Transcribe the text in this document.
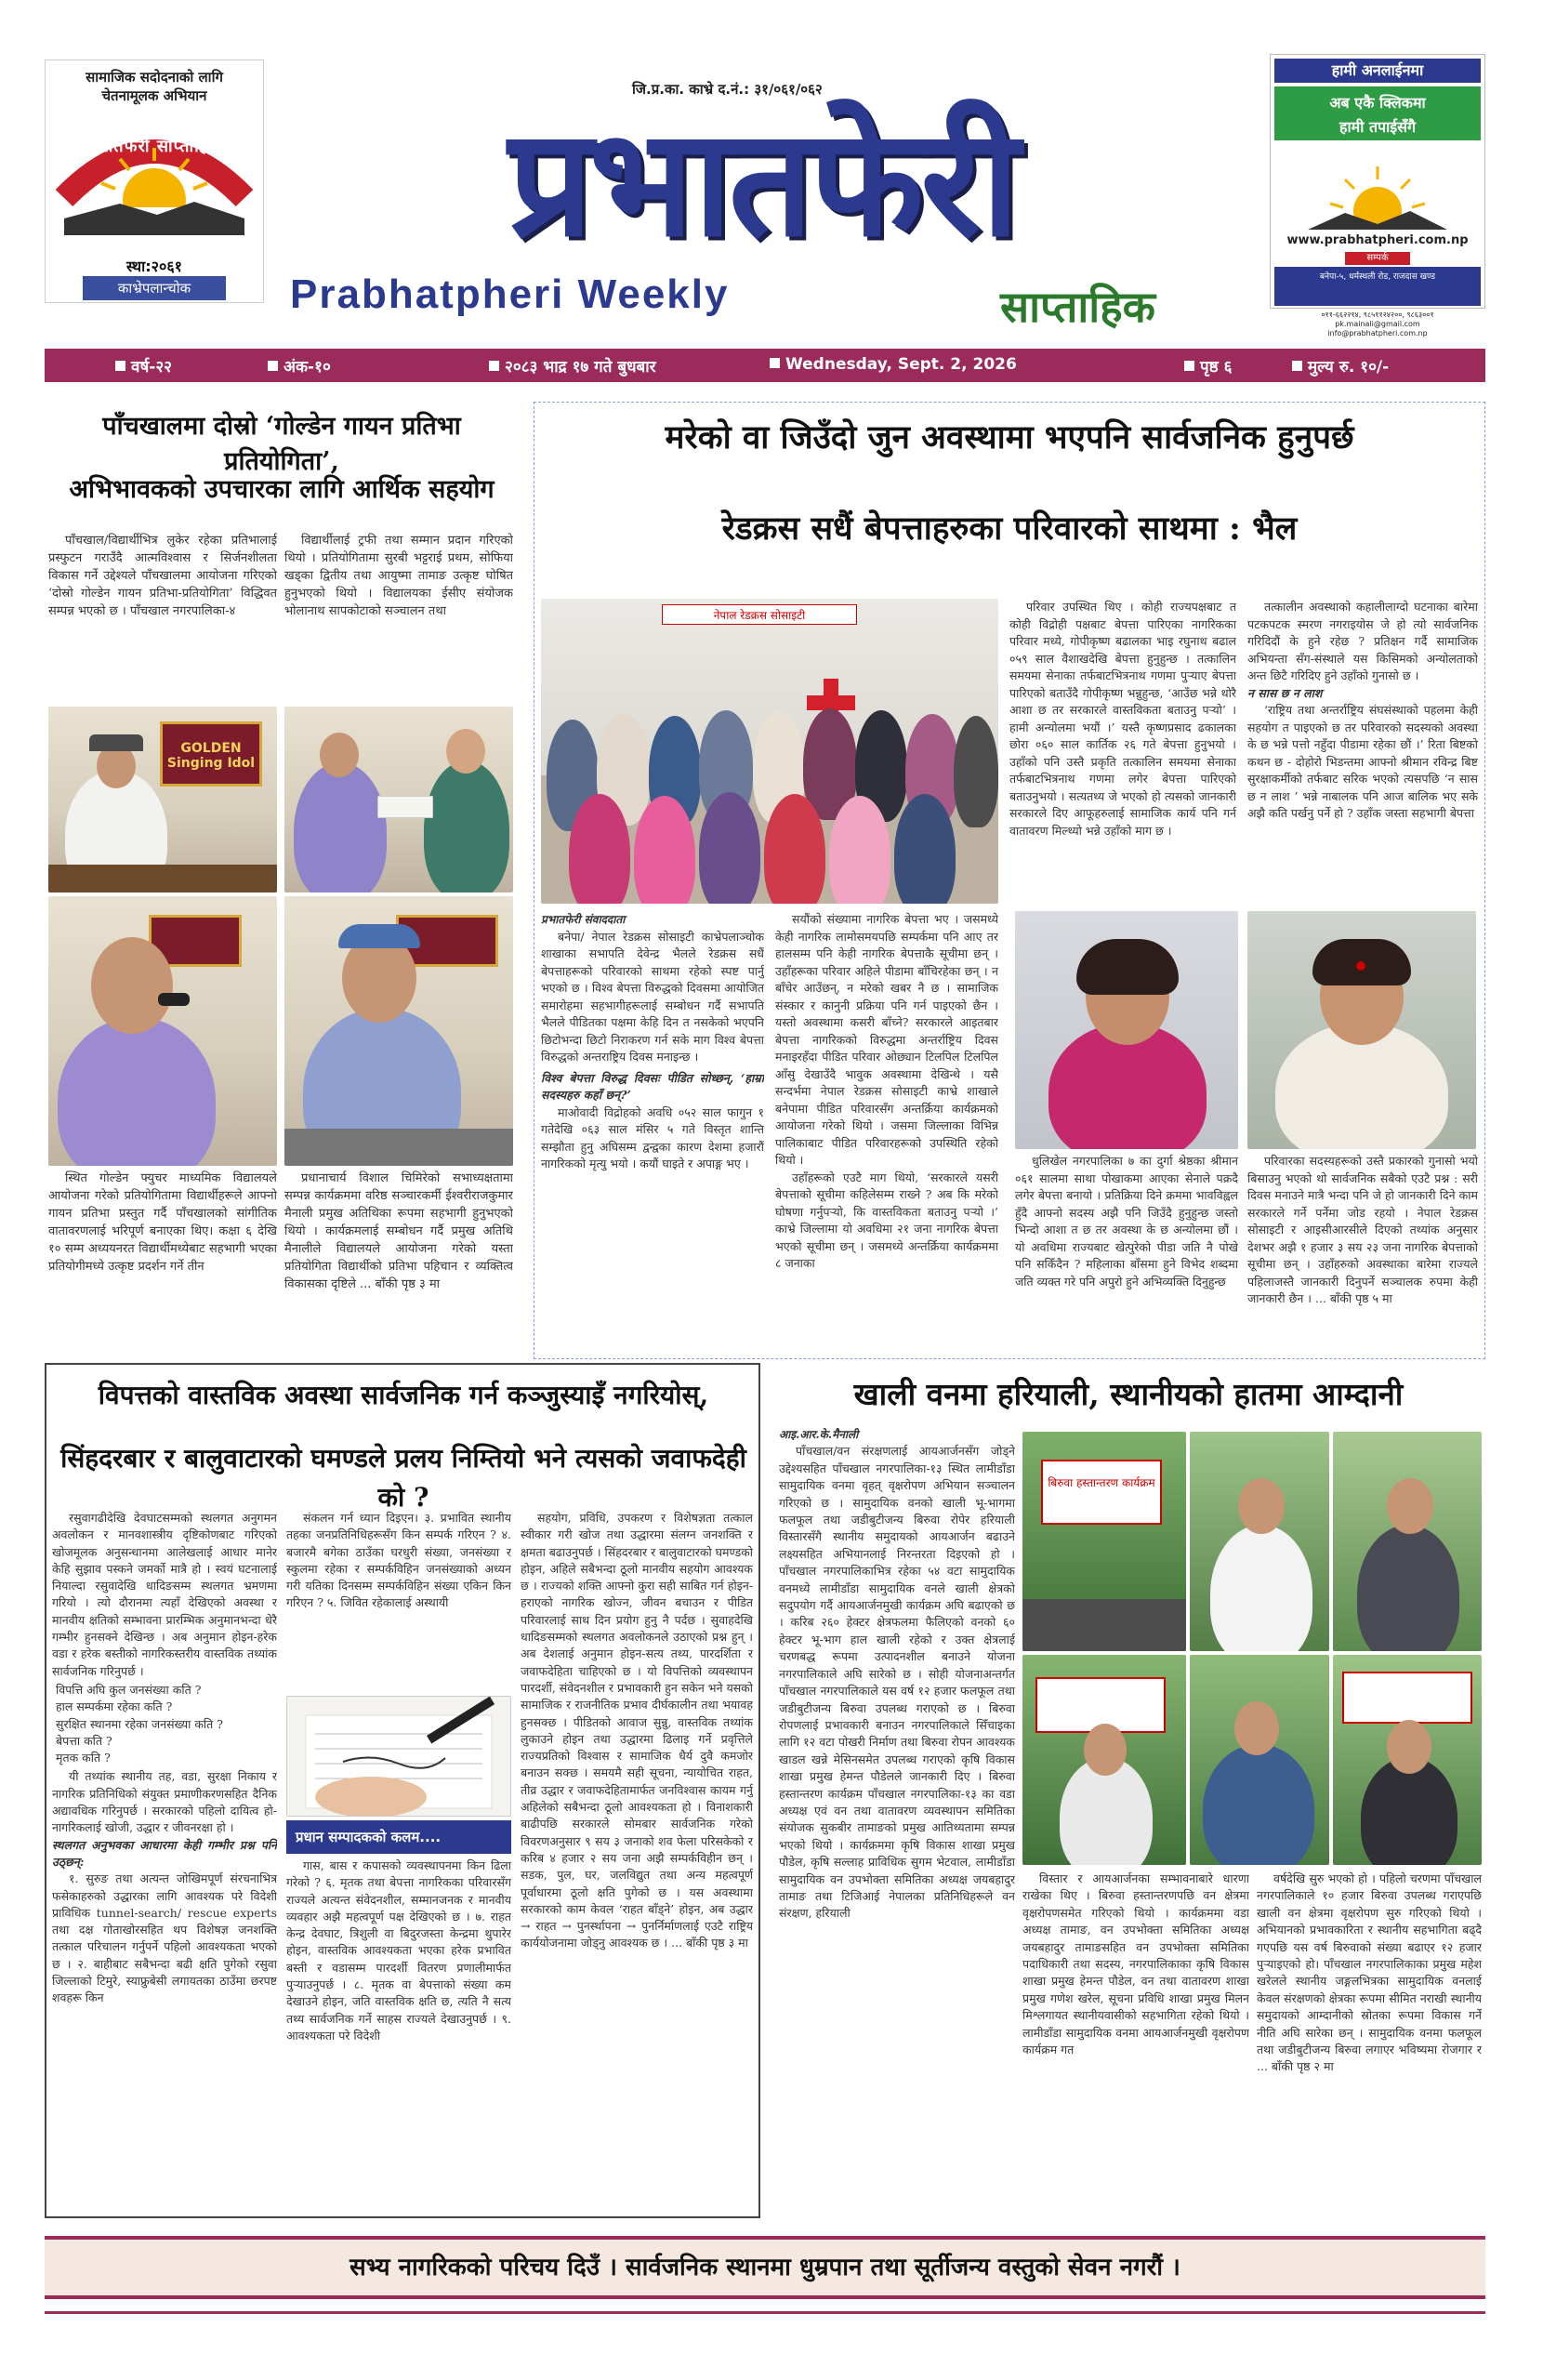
सामाजिक सदोदनाको लागि
चेतनामूलक अभियान
प्रभातफेरी साप्ताहिक
स्था:२०६१
काभ्रेपलान्चोक
जि.प्र.का. काभ्रे द.नं.: ३१/०६१/०६२
प्रभातफेरी
Prabhatpheri Weekly	साप्ताहिक
हामी अनलाईनमा
अब एकै क्लिकमा
हामी तपाईसँगै
www.prabhatpheri.com.np
सम्पर्क
बनेपा-५, धर्मस्थली रोड, राजदास खण्ड
०११-६६२२१४, ९८५११२४२००, ९८६३००१
pk.mainali@gmail.com
info@prabhatpheri.com.np
वर्ष-२२	अंक-१०	२०८३ भाद्र १७ गते बुधबार	Wednesday, Sept. 2, 2026	पृष्ठ ६	मुल्य रु. १०/-
पाँचखालमा दोस्रो ‘गोल्डेन गायन प्रतिभा प्रतियोगिता’,
अभिभावकको उपचारका लागि आर्थिक सहयोग

पाँचखाल/विद्यार्थीभित्र लुकेर रहेका प्रतिभालाई प्रस्फुटन गराउँदै आत्मविश्वास र सिर्जनशीलता विकास गर्ने उद्देश्यले पाँचखालमा आयोजना गरिएको ‘दोस्रो गोल्डेन गायन प्रतिभा-प्रतियोगिता’ विद्धिवत सम्पन्न भएको छ । पाँचखाल नगरपालिका-४

विद्यार्थीलाई ट्रफी तथा सम्मान प्रदान गरिएको थियो । प्रतियोगितामा सुरबी भट्टराई प्रथम, सोफिया खड्का द्वितीय तथा आयुष्मा तामाङ उत्कृष्ट घोषित हुनुभएको थियो । विद्यालयका ईसीए संयोजक भोलानाथ सापकोटाको सञ्चालन तथा

GOLDEN Singing Idol

स्थित गोल्डेन फ्युचर माध्यमिक विद्यालयले आयोजना गरेको प्रतियोगितामा विद्यार्थीहरूले आफ्नो गायन प्रतिभा प्रस्तुत गर्दै पाँचखालको सांगीतिक वातावरणलाई भरिपूर्ण बनाएका थिए। कक्षा ६ देखि १० सम्म अध्ययनरत विद्यार्थीमध्येबाट सहभागी भएका प्रतियोगीमध्ये उत्कृष्ट प्रदर्शन गर्ने तीन

प्रधानाचार्य विशाल चिमिरेको सभाध्यक्षतामा सम्पन्न कार्यक्रममा वरिष्ठ सञ्चारकर्मी ईश्वरीराजकुमार मैनाली प्रमुख अतिथिका रूपमा सहभागी हुनुभएको थियो । कार्यक्रमलाई सम्बोधन गर्दै प्रमुख अतिथि मैनालीले विद्यालयले आयोजना गरेको यस्ता प्रतियोगिता विद्यार्थीको प्रतिभा पहिचान र व्यक्तित्व विकासका दृष्टिले ... बाँकी पृष्ठ ३ मा

मरेको वा जिउँदो जुन अवस्थामा भएपनि सार्वजनिक हुनुपर्छ
रेडक्रस सधैं बेपत्ताहरुका परिवारको साथमा : भैल
नेपाल रेडक्रस सोसाइटी
प्रभातफेरी संवाददाता

बनेपा/ नेपाल रेडक्रस सोसाइटी काभ्रेपलाञ्चोक शाखाका सभापति देवेन्द्र भैलले रेडक्रस सधैं बेपत्ताहरूको परिवारको साथमा रहेको स्पष्ट पार्नु भएको छ । विश्व बेपत्ता विरुद्धको दिवसमा आयोजित समारोहमा सहभागीहरूलाई सम्बोधन गर्दै सभापति भैलले पीडितका पक्षमा केहि दिन त नसकेको भएपनि छिटोभन्दा छिटो निराकरण गर्न सके माग विश्व बेपत्ता विरुद्धको अन्तराष्ट्रिय दिवस मनाइन्छ ।

विश्व बेपत्ता विरुद्ध दिवसः पीडित सोध्छन्, ‘हाम्रा सदस्यहरु कहाँ छन्?’

माओवादी विद्रोहको अवधि ०५२ साल फागुन १ गतेदेखि ०६३ साल मंसिर ५ गते विस्तृत शान्ति सम्झौता हुनु अघिसम्म द्वन्द्वका कारण देशमा हजारौं नागरिकको मृत्यु भयो । कयौं घाइते र अपाङ्ग भए ।

सयौंको संख्यामा नागरिक बेपत्ता भए । जसमध्ये केही नागरिक लामोसमयपछि सम्पर्कमा पनि आए तर हालसम्म पनि केही नागरिक बेपत्ताकै सूचीमा छन् । उहाँहरूका परिवार अहिले पीडामा बाँचिरहेका छन् । न बाँचेर आउँछन्, न मरेको खबर नै छ । सामाजिक संस्कार र कानुनी प्रक्रिया पनि गर्न पाइएको छैन । यस्तो अवस्थामा कसरी बाँच्ने? सरकारले आइतबार बेपत्ता नागरिकको विरुद्धमा अन्तर्राष्ट्रिय दिवस मनाइरहँदा पीडित परिवार ओछ्यान टिलपिल टिलपिल आँसु देखाउँदै भावुक अवस्थामा देखिन्थे । यसै सन्दर्भमा नेपाल रेडक्रस सोसाइटी काभ्रे शाखाले बनेपामा पीडित परिवारसँग अन्तर्क्रिया कार्यक्रमको आयोजना गरेको थियो । जसमा जिल्लाका विभिन्न पालिकाबाट पीडित परिवारहरूको उपस्थिति रहेको थियो ।

उहाँहरूको एउटै माग थियो, ‘सरकारले यसरी बेपत्ताको सूचीमा कहिलेसम्म राख्ने ? अब कि मरेको घोषणा गर्नुपर्‍यो, कि वास्तविकता बताउनु पर्‍यो ।’ काभ्रे जिल्लामा यो अवधिमा २१ जना नागरिक बेपत्ता भएको सूचीमा छन् । जसमध्ये अन्तर्क्रिया कार्यक्रममा ८ जनाका

परिवार उपस्थित थिए । कोही राज्यपक्षबाट त कोही विद्रोही पक्षबाट बेपत्ता पारिएका नागरिकका परिवार मध्ये, गोपीकृष्ण बढालका भाइ रघुनाथ बढाल ०५९ साल वैशाखदेखि बेपत्ता हुनुहुन्छ । तत्कालिन समयमा सेनाका तर्फबाटभित्रनाथ गणमा पुर्‍याए बेपत्ता पारिएको बताउँदै गोपीकृष्ण भन्नुहुन्छ, ‘आउँछ भन्ने थोरै आशा छ तर सरकारले वास्तविकता बताउनु पर्‍यो’ । हामी अन्योलमा भयौं ।’ यस्तै कृष्णप्रसाद ढकालका छोरा ०६० साल कार्तिक २६ गते बेपत्ता हुनुभयो । उहाँको पनि उस्तै प्रकृति तत्कालिन समयमा सेनाका तर्फबाटभित्रनाथ गणमा लगेर बेपत्ता पारिएको बताउनुभयो । सत्यतथ्य जे भएको हो त्यसको जानकारी सरकारले दिए आफूहरुलाई सामाजिक कार्य पनि गर्न वातावरण मिल्थ्यो भन्ने उहाँको माग छ ।

तत्कालीन अवस्थाको कहालीलाग्दो घटनाका बारेमा पटकपटक स्मरण नगराइयोस जे हो त्यो सार्वजनिक गरिदिदौं के हुने रहेछ ? प्रतिक्षन गर्दै सामाजिक अभियन्ता सँग-संस्थाले यस किसिमको अन्योलताको अन्त छिटै गरिदिए हुने उहाँको गुनासो छ ।

न सास छ न लाश

‘राष्ट्रिय तथा अन्तर्राष्ट्रिय संघसंस्थाको पहलमा केही सहयोग त पाइएको छ तर परिवारको सदस्यको अवस्था के छ भन्ने पत्तो नहुँदा पीडामा रहेका छौं ।’ रिता बिष्टको कथन छ - दोहोरो भिडन्तमा आफ्नो श्रीमान रविन्द्र बिष्ट सुरक्षाकर्मीको तर्फबाट सरिक भएको त्यसपछि ‘न सास छ न लाश ’ भन्ने नाबालक पनि आज बालिक भए सके अझै कति पर्खनु पर्ने हो ? उहाँक जस्ता सहभागी बेपत्ता

धुलिखेल नगरपालिका ७ का दुर्गा श्रेष्ठका श्रीमान ०६१ सालमा साथा पोखाकमा आएका सेनाले पक्रदै लगेर बेपत्ता बनायो । प्रतिक्रिया दिने क्रममा भावविह्वल हुँदै आफ्नो सदस्य अझै पनि जिउँदै हुनुहुन्छ जस्तो भिन्दो आशा त छ तर अवस्था के छ अन्योलमा छौं । यो अवधिमा राज्यबाट खेत्पुरेको पीडा जति नै पोखे पनि सकिँदैन ? महिलाका बाँसमा हुने विभेद शब्दमा जति व्यक्त गरे पनि अपुरो हुने अभिव्यक्ति दिनुहुन्छ

परिवारका सदस्यहरूको उस्तै प्रकारको गुनासो भयो बिसाउनु भएको थो सार्वजनिक सबैको एउटै प्रश्न : सरी दिवस मनाउने मात्रै भन्दा पनि जे हो जानकारी दिने काम सरकारले गर्ने पर्नेमा जोड रहयो । नेपाल रेडक्रस सोसाइटी र आइसीआरसीले दिएको तथ्यांक अनुसार देशभर अझै १ हजार ३ सय २३ जना नागरिक बेपत्ताको सूचीमा छन् । उहाँहरुको अवस्थाका बारेमा राज्यले पहिलाजस्तै जानकारी दिनुपर्ने सञ्चालक रुपमा केही जानकारी छैन । ... बाँकी पृष्ठ ५ मा

विपत्तको वास्तविक अवस्था सार्वजनिक गर्न कञ्जुस्याइँ नगरियोस्,
सिंहदरबार र बालुवाटारको घमण्डले प्रलय निम्तियो भने त्यसको जवाफदेही को ?

रसुवागढीदेखि देवघाटसम्मको स्थलगत अनुगमन अवलोकन र मानवशास्त्रीय दृष्टिकोणबाट गरिएको खोजमूलक अनुसन्धानमा आलेखलाई आधार मानेर केहि सुझाव पस्कने जमर्को मात्रै हो । स्वयं घटनालाई नियाल्दा रसुवादेखि धादिङसम्म स्थलगत भ्रमणमा गरियो । त्यो दौरानमा त्यहाँ देखिएको अवस्था र मानवीय क्षतिको सम्भावना प्रारम्भिक अनुमानभन्दा धेरै गम्भीर हुनसक्ने देखिन्छ । अब अनुमान होइन-हरेक वडा र हरेक बस्तीको नागरिकस्तरीय वास्तविक तथ्यांक सार्वजनिक गरिनुपर्छ ।

विपत्ति अघि कुल जनसंख्या कति ?
हाल सम्पर्कमा रहेका कति ?
सुरक्षित स्थानमा रहेका जनसंख्या कति ?
बेपत्ता कति ?
मृतक कति ?

यी तथ्यांक स्थानीय तह, वडा, सुरक्षा निकाय र नागरिक प्रतिनिधिको संयुक्त प्रमाणीकरणसहित दैनिक अद्यावधिक गरिनुपर्छ । सरकारको पहिलो दायित्व हो-नागरिकलाई खोजी, उद्धार र जीवनरक्षा हो ।

स्थलगत अनुभवका आधारमा केही गम्भीर प्रश्न पनि उठ्छन्:

१. सुरुङ तथा अत्यन्त जोखिमपूर्ण संरचनाभित्र फसेकाहरुको उद्धारका लागि आवश्यक परे विदेशी प्राविधिक tunnel-search/ rescue experts तथा दक्ष गोताखोरसहित थप विशेषज्ञ जनशक्ति तत्काल परिचालन गर्नुपर्ने पहिलो आवश्यकता भएको छ । २. बाहीबाट सबैभन्दा बढी क्षति पुगेको रसुवा जिल्लाको टिमुरे, स्याफ्रुबेसी लगायतका ठाउँमा छरपष्ट शवहरू किन

संकलन गर्न ध्यान दिइएन। ३. प्रभावित स्थानीय तहका जनप्रतिनिधिहरूसँग किन सम्पर्क गरिएन ? ४. बजारमै बगेका ठाउँका घरधुरी संख्या, जनसंख्या र स्कुलमा रहेका र सम्पर्कविहिन जनसंख्याको अध्यन गरी यतिका दिनसम्म सम्पर्कविहिन संख्या एकिन किन गरिएन ? ५. जिवित रहेकालाई अस्थायी

प्रधान सम्पादकको कलम....

गास, बास र कपासको व्यवस्थापनमा किन ढिला गरेको ? ६. मृतक तथा बेपत्ता नागरिकका परिवारसँग राज्यले अत्यन्त संवेदनशील, सम्मानजनक र मानवीय व्यवहार अझै महत्वपूर्ण पक्ष देखिएको छ । ७. राहत केन्द्र देवघाट, त्रिशुली वा बिदुरजस्ता केन्द्रमा थुपारेर होइन, वास्तविक आवश्यकता भएका हरेक प्रभावित बस्ती र वडासम्म पारदर्शी वितरण प्रणालीमार्फत पुऱ्याउनुपर्छ । ८. मृतक वा बेपत्ताको संख्या कम देखाउने होइन, जति वास्तविक क्षति छ, त्यति नै सत्य तथ्य सार्वजनिक गर्ने साहस राज्यले देखाउनुपर्छ । ९. आवश्यकता परे विदेशी

सहयोग, प्रविधि, उपकरण र विशेषज्ञता तत्काल स्वीकार गरी खोज तथा उद्धारमा संलग्न जनशक्ति र क्षमता बढाउनुपर्छ । सिंहदरबार र बालुवाटारको घमण्डको होइन, अहिले सबैभन्दा ठूलो मानवीय सहयोग आवश्यक छ । राज्यको शक्ति आफ्नो कुरा सही साबित गर्न होइन-हराएको नागरिक खोज्न, जीवन बचाउन र पीडित परिवारलाई साथ दिन प्रयोग हुनु नै पर्दछ । सुवाहदेखि धादिङसम्मको स्थलगत अवलोकनले उठाएको प्रश्न हुन् । अब देशलाई अनुमान होइन-सत्य तथ्य, पारदर्शिता र जवाफदेहिता चाहिएको छ । यो विपत्तिको व्यवस्थापन पारदर्शी, संवेदनशील र प्रभावकारी हुन सकेन भने यसको सामाजिक र राजनीतिक प्रभाव दीर्घकालीन तथा भयावह हुनसक्छ । पीडितको आवाज सुन्नु, वास्तविक तथ्यांक लुकाउने होइन तथा उद्धारमा ढिलाइ गर्ने प्रवृत्तिले राज्यप्रतिको विश्वास र सामाजिक धैर्य दुवै कमजोर बनाउन सक्छ । समयमै सही सूचना, न्यायोचित राहत, तीव्र उद्धार र जवाफदेहितामार्फत जनविश्वास कायम गर्नु अहिलेको सबैभन्दा ठूलो आवश्यकता हो । विनाशकारी बाढीपछि सरकारले सोमबार सार्वजनिक गरेको विवरणअनुसार ९ सय ३ जनाको शव फेला परिसकेको र करिब ४ हजार २ सय जना अझै सम्पर्कविहीन छन् । सडक, पुल, घर, जलविद्युत तथा अन्य महत्वपूर्ण पूर्वाधारमा ठूलो क्षति पुगेको छ । यस अवस्थामा सरकारको काम केवल ‘राहत बाँड्ने’ होइन, अब उद्धार → राहत → पुनर्स्थापना → पुनर्निर्माणलाई एउटै राष्ट्रिय कार्ययोजनामा जोड्नु आवश्यक छ । ... बाँकी पृष्ठ ३ मा

खाली वनमा हरियाली, स्थानीयको हातमा आम्दानी
आइ.आर.के.मैनाली

पाँचखाल/वन संरक्षणलाई आयआर्जनसँग जोड्ने उद्देश्यसहित पाँचखाल नगरपालिका-१३ स्थित लामीडाँडा सामुदायिक वनमा वृहत् वृक्षरोपण अभियान सञ्चालन गरिएको छ । सामुदायिक वनको खाली भू-भागमा फलफूल तथा जडीबुटीजन्य बिरुवा रोपेर हरियाली विस्तारसँगै स्थानीय समुदायको आयआर्जन बढाउने लक्ष्यसहित अभियानलाई निरन्तरता दिइएको हो । पाँचखाल नगरपालिकाभित्र रहेका ५४ वटा सामुदायिक वनमध्ये लामीडाँडा सामुदायिक वनले खाली क्षेत्रको सदुपयोग गर्दै आयआर्जनमुखी कार्यक्रम अघि बढाएको छ । करिब २६० हेक्टर क्षेत्रफलमा फैलिएको वनको ६० हेक्टर भू-भाग हाल खाली रहेको र उक्त क्षेत्रलाई चरणबद्ध रूपमा उत्पादनशील बनाउने योजना नगरपालिकाले अघि सारेको छ । सोही योजनाअन्तर्गत पाँचखाल नगरपालिकाले यस वर्ष १२ हजार फलफूल तथा जडीबुटीजन्य बिरुवा उपलब्ध गराएको छ । बिरुवा रोपणलाई प्रभावकारी बनाउन नगरपालिकाले सिँचाइका लागि १२ वटा पोखरी निर्माण तथा बिरुवा रोपन आवश्यक खाडल खन्ने मेसिनसमेत उपलब्ध गराएको कृषि विकास शाखा प्रमुख हेमन्त पौडेलले जानकारी दिए । बिरुवा हस्तान्तरण कार्यक्रम पाँचखाल नगरपालिका-१३ का वडा अध्यक्ष एवं वन तथा वातावरण व्यवस्थापन समितिका संयोजक सुकबीर तामाङको प्रमुख आतिथ्यतामा सम्पन्न भएको थियो । कार्यक्रममा कृषि विकास शाखा प्रमुख पौडेल, कृषि सल्लाह प्राविधिक सुगम भेटवाल, लामीडाँडा सामुदायिक वन उपभोक्ता समितिका अध्यक्ष जयबहादुर तामाङ तथा टिजिआई नेपालका प्रतिनिधिहरूले वन संरक्षण, हरियाली

बिरुवा हस्तान्तरण कार्यक्रम

विस्तार र आयआर्जनका सम्भावनाबारे धारणा राखेका थिए । बिरुवा हस्तान्तरणपछि वन क्षेत्रमा वृक्षरोपणसमेत गरिएको थियो । कार्यक्रममा वडा अध्यक्ष तामाङ, वन उपभोक्ता समितिका अध्यक्ष जयबहादुर तामाङसहित वन उपभोक्ता समितिका पदाधिकारी तथा सदस्य, नगरपालिकाका कृषि विकास शाखा प्रमुख हेमन्त पौडेल, वन तथा वातावरण शाखा प्रमुख गणेश खरेल, सूचना प्रविधि शाखा प्रमुख मिलन मिश्लगायत स्थानीयवासीको सहभागिता रहेको थियो । लामीडाँडा सामुदायिक वनमा आयआर्जनमुखी वृक्षरोपण कार्यक्रम गत

वर्षदेखि सुरु भएको हो । पहिलो चरणमा पाँचखाल नगरपालिकाले १० हजार बिरुवा उपलब्ध गराएपछि खाली वन क्षेत्रमा वृक्षरोपण सुरु गरिएको थियो । अभियानको प्रभावकारिता र स्थानीय सहभागिता बढ्दै गएपछि यस वर्ष बिरुवाको संख्या बढाएर १२ हजार पुऱ्याइएको हो। पाँचखाल नगरपालिकाका प्रमुख महेश खरेलले स्थानीय जङ्गलभित्रका सामुदायिक वनलाई केवल संरक्षणको क्षेत्रका रूपमा सीमित नराखी स्थानीय समुदायको आम्दानीको स्रोतका रूपमा विकास गर्ने नीति अघि सारेका छन् । सामुदायिक वनमा फलफूल तथा जडीबुटीजन्य बिरुवा लगाएर भविष्यमा रोजगार र ... बाँकी पृष्ठ २ मा

सभ्य नागरिकको परिचय दिउँ । सार्वजनिक स्थानमा धुम्रपान तथा सूर्तीजन्य वस्तुको सेवन नगरौं ।
